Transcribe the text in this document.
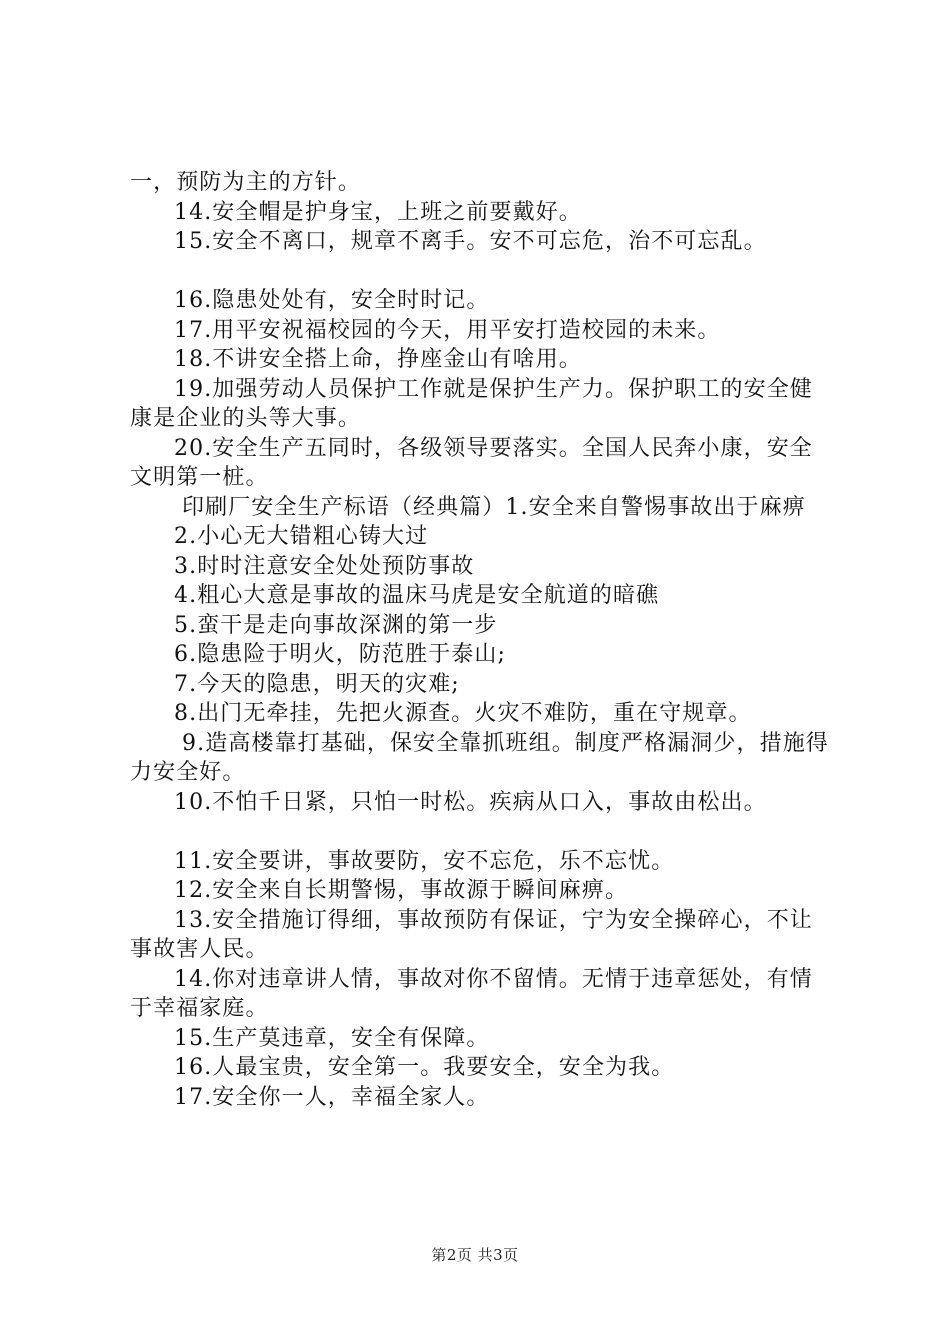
一，预防为主的方针。

14.安全帽是护身宝，上班之前要戴好。

15.安全不离口，规章不离手。安不可忘危，治不可忘乱。

16.隐患处处有，安全时时记。

17.用平安祝福校园的今天，用平安打造校园的未来。

18.不讲安全搭上命，挣座金山有啥用。

19.加强劳动人员保护工作就是保护生产力。保护职工的安全健康是企业的头等大事。

20.安全生产五同时，各级领导要落实。全国人民奔小康，安全文明第一桩。

印刷厂安全生产标语（经典篇）1.安全来自警惕事故出于麻痹

2.小心无大错粗心铸大过

3.时时注意安全处处预防事故

4.粗心大意是事故的温床马虎是安全航道的暗礁

5.蛮干是走向事故深渊的第一步

6.隐患险于明火，防范胜于泰山;

7.今天的隐患，明天的灾难;

8.出门无牵挂，先把火源查。火灾不难防，重在守规章。

9.造高楼靠打基础，保安全靠抓班组。制度严格漏洞少，措施得力安全好。

10.不怕千日紧，只怕一时松。疾病从口入，事故由松出。

11.安全要讲，事故要防，安不忘危，乐不忘忧。

12.安全来自长期警惕，事故源于瞬间麻痹。

13.安全措施订得细，事故预防有保证，宁为安全操碎心，不让事故害人民。

14.你对违章讲人情，事故对你不留情。无情于违章惩处，有情于幸福家庭。

15.生产莫违章，安全有保障。

16.人最宝贵，安全第一。我要安全，安全为我。

17.安全你一人，幸福全家人。

第2页 共3页
